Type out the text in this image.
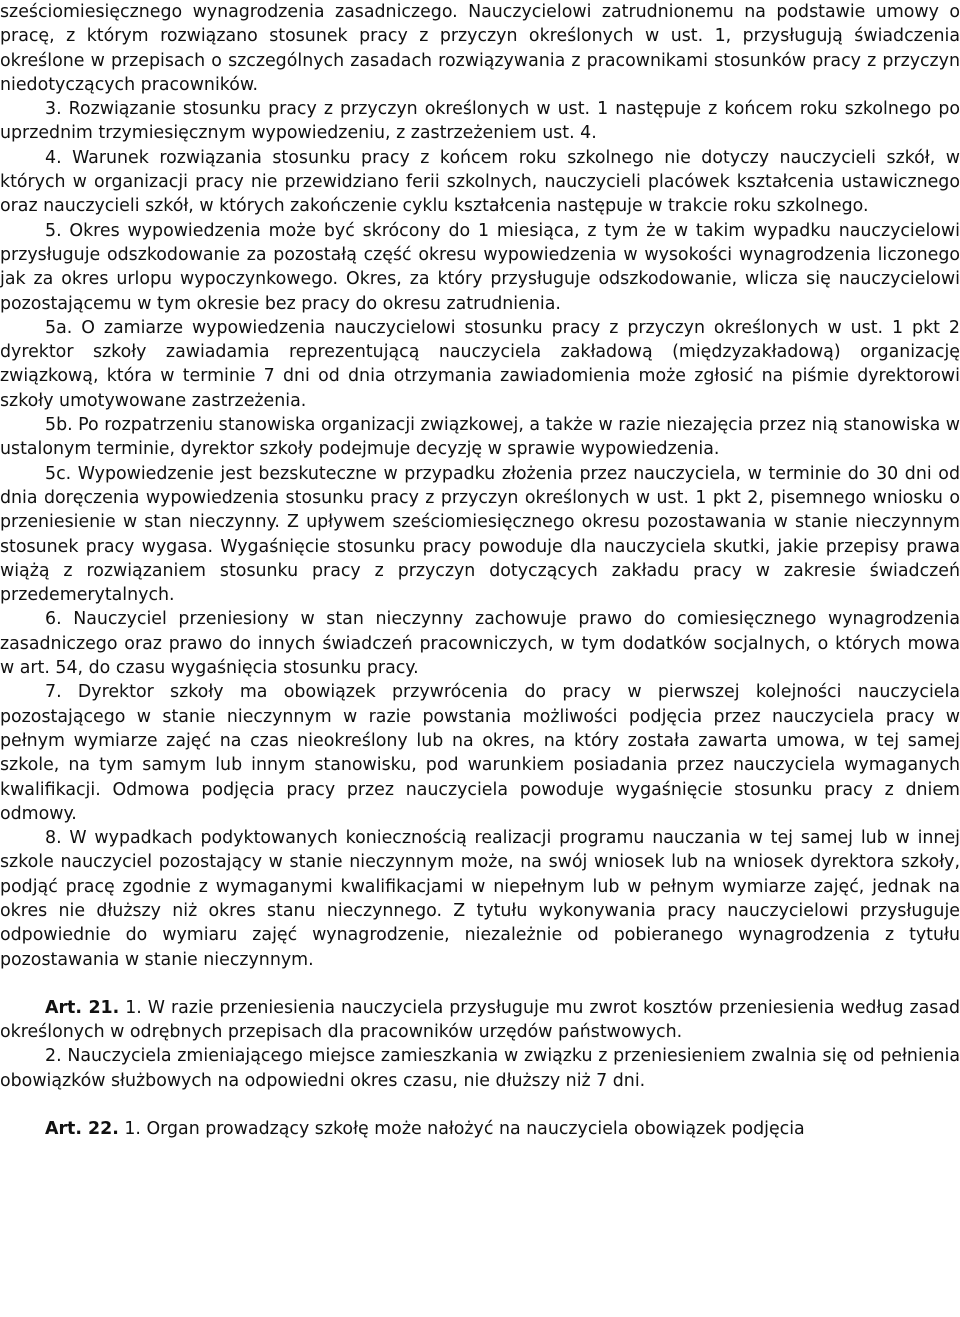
sześciomiesięcznego wynagrodzenia zasadniczego. Nauczycielowi zatrudnionemu na podstawie umowy o pracę, z którym rozwiązano stosunek pracy z przyczyn określonych w ust. 1, przysługują świadczenia określone w przepisach o szczególnych zasadach rozwiązywania z pracownikami stosunków pracy z przyczyn niedotyczących pracowników.

3. Rozwiązanie stosunku pracy z przyczyn określonych w ust. 1 następuje z końcem roku szkolnego po uprzednim trzymiesięcznym wypowiedzeniu, z zastrzeżeniem ust. 4.

4. Warunek rozwiązania stosunku pracy z końcem roku szkolnego nie dotyczy nauczycieli szkół, w których w organizacji pracy nie przewidziano ferii szkolnych, nauczycieli placówek kształcenia ustawicznego oraz nauczycieli szkół, w których zakończenie cyklu kształcenia następuje w trakcie roku szkolnego.

5. Okres wypowiedzenia może być skrócony do 1 miesiąca, z tym że w takim wypadku nauczycielowi przysługuje odszkodowanie za pozostałą część okresu wypowiedzenia w wysokości wynagrodzenia liczonego jak za okres urlopu wypoczynkowego. Okres, za który przysługuje odszkodowanie, wlicza się nauczycielowi pozostającemu w tym okresie bez pracy do okresu zatrudnienia.

5a. O zamiarze wypowiedzenia nauczycielowi stosunku pracy z przyczyn określonych w ust. 1 pkt 2 dyrektor szkoły zawiadamia reprezentującą nauczyciela zakładową (międzyzakładową) organizację związkową, która w terminie 7 dni od dnia otrzymania zawiadomienia może zgłosić na piśmie dyrektorowi szkoły umotywowane zastrzeżenia.

5b. Po rozpatrzeniu stanowiska organizacji związkowej, a także w razie niezajęcia przez nią stanowiska w ustalonym terminie, dyrektor szkoły podejmuje decyzję w sprawie wypowiedzenia.

5c. Wypowiedzenie jest bezskuteczne w przypadku złożenia przez nauczyciela, w terminie do 30 dni od dnia doręczenia wypowiedzenia stosunku pracy z przyczyn określonych w ust. 1 pkt 2, pisemnego wniosku o przeniesienie w stan nieczynny. Z upływem sześciomiesięcznego okresu pozostawania w stanie nieczynnym stosunek pracy wygasa. Wygaśnięcie stosunku pracy powoduje dla nauczyciela skutki, jakie przepisy prawa wiążą z rozwiązaniem stosunku pracy z przyczyn dotyczących zakładu pracy w zakresie świadczeń przedemerytalnych.

6. Nauczyciel przeniesiony w stan nieczynny zachowuje prawo do comiesięcznego wynagrodzenia zasadniczego oraz prawo do innych świadczeń pracowniczych, w tym dodatków socjalnych, o których mowa w art. 54, do czasu wygaśnięcia stosunku pracy.

7. Dyrektor szkoły ma obowiązek przywrócenia do pracy w pierwszej kolejności nauczyciela pozostającego w stanie nieczynnym w razie powstania możliwości podjęcia przez nauczyciela pracy w pełnym wymiarze zajęć na czas nieokreślony lub na okres, na który została zawarta umowa, w tej samej szkole, na tym samym lub innym stanowisku, pod warunkiem posiadania przez nauczyciela wymaganych kwalifikacji. Odmowa podjęcia pracy przez nauczyciela powoduje wygaśnięcie stosunku pracy z dniem odmowy.

8. W wypadkach podyktowanych koniecznością realizacji programu nauczania w tej samej lub w innej szkole nauczyciel pozostający w stanie nieczynnym może, na swój wniosek lub na wniosek dyrektora szkoły, podjąć pracę zgodnie z wymaganymi kwalifikacjami w niepełnym lub w pełnym wymiarze zajęć, jednak na okres nie dłuższy niż okres stanu nieczynnego. Z tytułu wykonywania pracy nauczycielowi przysługuje odpowiednie do wymiaru zajęć wynagrodzenie, niezależnie od pobieranego wynagrodzenia z tytułu pozostawania w stanie nieczynnym.

Art. 21. 1. W razie przeniesienia nauczyciela przysługuje mu zwrot kosztów przeniesienia według zasad określonych w odrębnych przepisach dla pracowników urzędów państwowych.

2. Nauczyciela zmieniającego miejsce zamieszkania w związku z przeniesieniem zwalnia się od pełnienia obowiązków służbowych na odpowiedni okres czasu, nie dłuższy niż 7 dni.

Art. 22. 1. Organ prowadzący szkołę może nałożyć na nauczyciela obowiązek podjęcia
